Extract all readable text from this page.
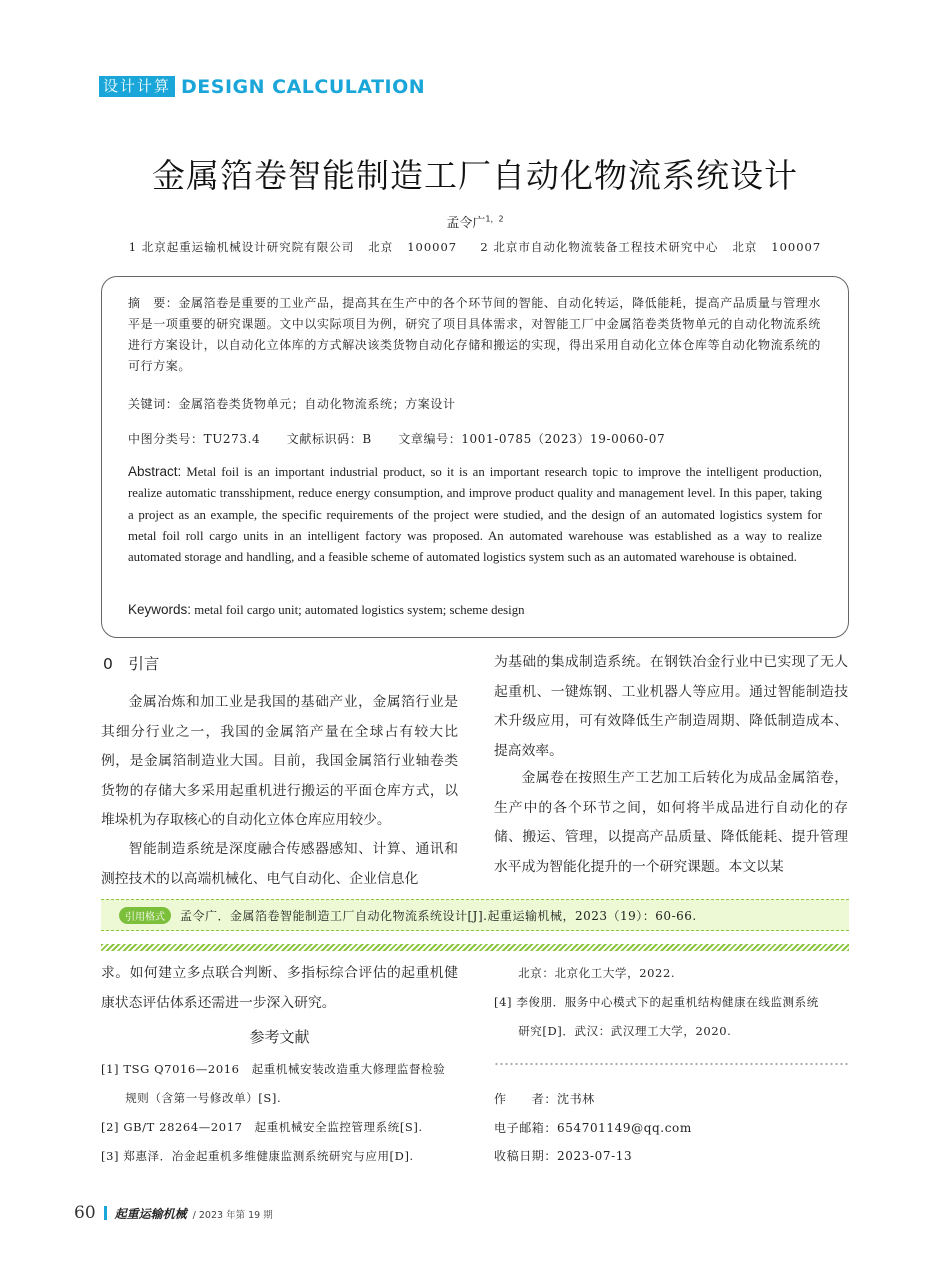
设计计算 DESIGN CALCULATION
金属箔卷智能制造工厂自动化物流系统设计
孟令广$^{1,2}$
1 北京起重运输机械设计研究院有限公司   北京   100007     2 北京市自动化物流装备工程技术研究中心   北京   100007
摘　要：金属箔卷是重要的工业产品，提高其在生产中的各个环节间的智能、自动化转运，降低能耗，提高产品质量与管理水平是一项重要的研究课题。文中以实际项目为例，研究了项目具体需求，对智能工厂中金属箔卷类货物单元的自动化物流系统进行方案设计，以自动化立体库的方式解决该类货物自动化存储和搬运的实现，得出采用自动化立体仓库等自动化物流系统的可行方案。
关键词：金属箔卷类货物单元；自动化物流系统；方案设计
中图分类号：TU273.4 文献标识码：B 文章编号：1001-0785（2023）19-0060-07
Abstract: Metal foil is an important industrial product, so it is an important research topic to improve the intelligent production, realize automatic transshipment, reduce energy consumption, and improve product quality and management level. In this paper, taking a project as an example, the specific requirements of the project were studied, and the design of an automated logistics system for metal foil roll cargo units in an intelligent factory was proposed. An automated warehouse was established as a way to realize automated storage and handling, and a feasible scheme of automated logistics system such as an automated warehouse is obtained.
Keywords: metal foil cargo unit; automated logistics system; scheme design
0　引言
金属冶炼和加工业是我国的基础产业，金属箔行业是其细分行业之一，我国的金属箔产量在全球占有较大比例，是金属箔制造业大国。目前，我国金属箔行业轴卷类货物的存储大多采用起重机进行搬运的平面仓库方式，以堆垛机为存取核心的自动化立体仓库应用较少。
智能制造系统是深度融合传感器感知、计算、通讯和测控技术的以高端机械化、电气自动化、企业信息化
为基础的集成制造系统。在钢铁冶金行业中已实现了无人起重机、一键炼钢、工业机器人等应用。通过智能制造技术升级应用，可有效降低生产制造周期、降低制造成本、提高效率。
金属卷在按照生产工艺加工后转化为成品金属箔卷，生产中的各个环节之间，如何将半成品进行自动化的存储、搬运、管理，以提高产品质量、降低能耗、提升管理水平成为智能化提升的一个研究课题。本文以某
引用格式	孟令广．金属箔卷智能制造工厂自动化物流系统设计[J].起重运输机械，2023（19）：60-66.
求。如何建立多点联合判断、多指标综合评估的起重机健康状态评估体系还需进一步深入研究。
参考文献
[1] TSG Q7016—2016　起重机械安装改造重大修理监督检验
　　规则（含第一号修改单）[S].
[2] GB/T 28264—2017　起重机械安全监控管理系统[S].
[3] 郑惠泽．冶金起重机多维健康监测系统研究与应用[D].
　　北京：北京化工大学，2022.
[4] 李俊朋．服务中心模式下的起重机结构健康在线监测系统
　　研究[D]．武汉：武汉理工大学，2020.
作　　者：沈书林
电子邮箱：654701149@qq.com
收稿日期：2023-07-13
60 起重运输机械 / 2023 年第 19 期
